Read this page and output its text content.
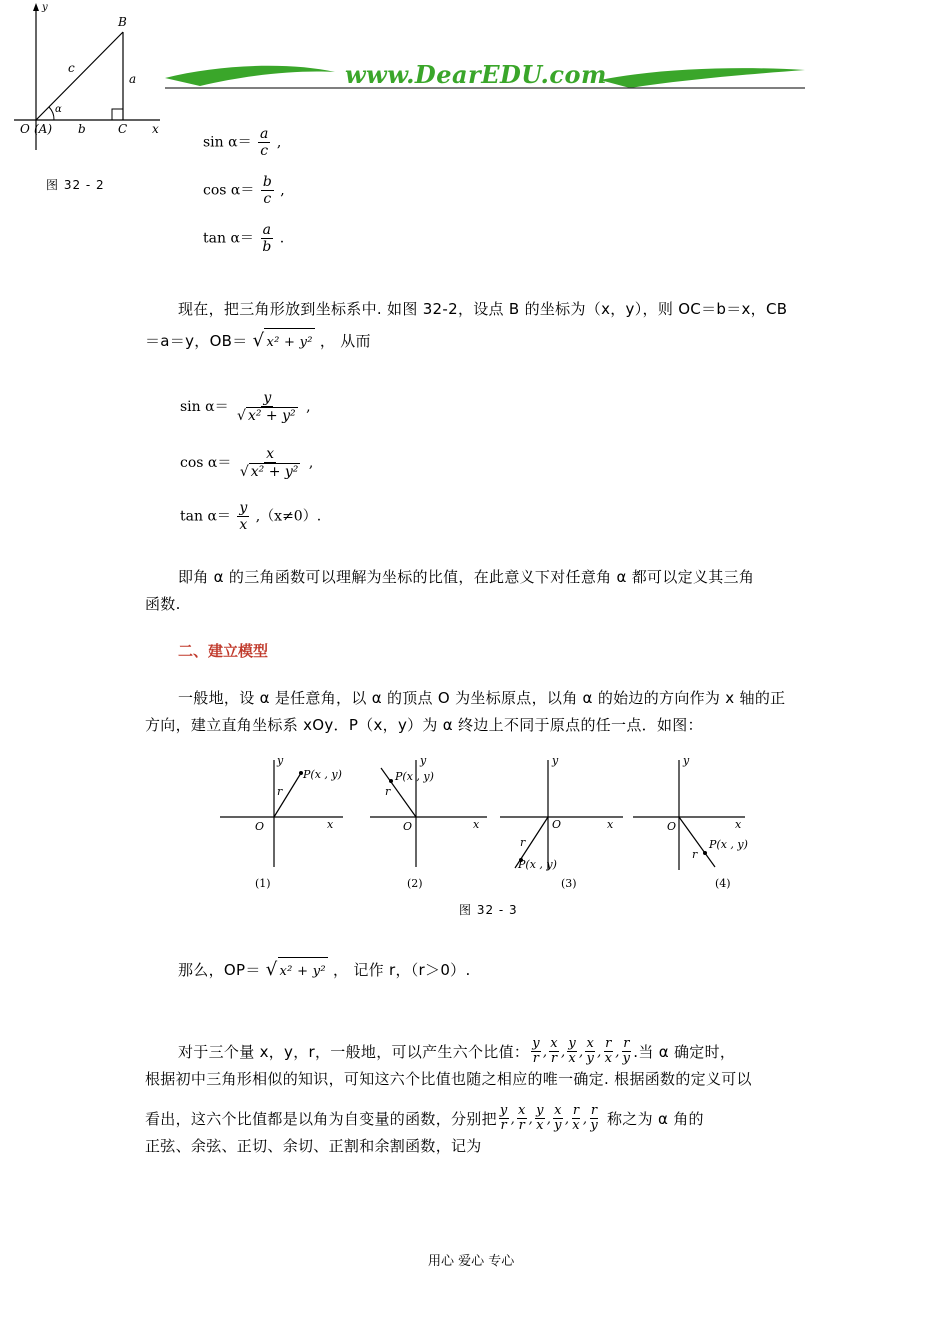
www.DearEDU.com
y
B
c
a
α
O (A) b	C x
图 32 - 2
$\sin \alpha= \frac{a}{c}$ ,
$\cos \alpha= \frac{b}{c}$ ,
$\tan \alpha= \frac{a}{b}$ .
现在，把三角形放到坐标系中. 如图 32-2，设点 B 的坐标为（x，y），则 OC＝b＝x，CB
＝a＝y，OB＝ √ x² + y² ， 从而
$\sin \alpha= \frac{y}{\text{√ x² + y²}}$ ,
$\cos \alpha= \frac{x}{\text{√ x² + y²}}$ ,
$\tan \alpha= \frac{y}{x} ,(x\ne 0)$.
即角 α 的三角函数可以理解为坐标的比值，在此意义下对任意角 α 都可以定义其三角
函数.
二、建立模型
一般地，设 α 是任意角，以 α 的顶点 O 为坐标原点，以角 α 的始边的方向作为 x 轴的正
方向，建立直角坐标系 xOy．P（x，y）为 α 终边上不同于原点的任一点．如图：
y
P(x , y)
r
O	x
(1)
y
P(x , y)
r
O	x
(2)
y
P(x , y)
r
O	x
(3)
y
P(x , y)
r
O	x
(4)
图 32 - 3
那么，OP＝ √ x² + y² ， 记作 r，（r＞0）.
对于三个量 x，y，r，一般地，可以产生六个比值： $\frac{y}{r}$ , $\frac{x}{r}$ , $\frac{y}{x}$ , $\frac{x}{y}$ , $\frac{r}{x}$ , $\frac{r}{y}$ .当 α 确定时，
根据初中三角形相似的知识，可知这六个比值也随之相应的唯一确定. 根据函数的定义可以
看出，这六个比值都是以角为自变量的函数，分别把 $\frac{y}{r}$ , $\frac{x}{r}$ , $\frac{y}{x}$ , $\frac{x}{y}$ , $\frac{r}{x}$ , $\frac{r}{y}$ 称之为 α 角的
正弦、余弦、正切、余切、正割和余割函数，记为
用心 爱心 专心
